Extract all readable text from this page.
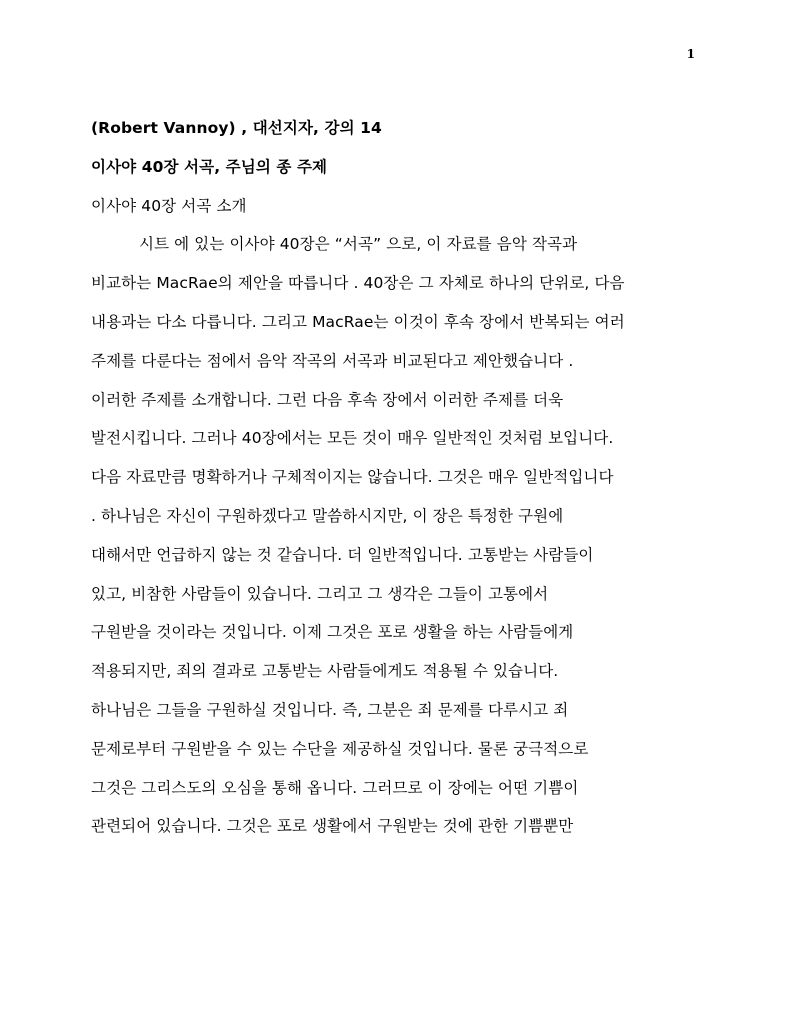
1
(Robert Vannoy) , 대선지자, 강의 14
이사야 40장 서곡, 주님의 종 주제
이사야 40장 서곡 소개
시트 에 있는 이사야 40장은 “서곡” 으로, 이 자료를 음악 작곡과
비교하는 MacRae의 제안을 따릅니다 . 40장은 그 자체로 하나의 단위로, 다음
내용과는 다소 다릅니다. 그리고 MacRae는 이것이 후속 장에서 반복되는 여러
주제를 다룬다는 점에서 음악 작곡의 서곡과 비교된다고 제안했습니다 .
이러한 주제를 소개합니다. 그런 다음 후속 장에서 이러한 주제를 더욱
발전시킵니다. 그러나 40장에서는 모든 것이 매우 일반적인 것처럼 보입니다.
다음 자료만큼 명확하거나 구체적이지는 않습니다. 그것은 매우 일반적입니다
. 하나님은 자신이 구원하겠다고 말씀하시지만, 이 장은 특정한 구원에
대해서만 언급하지 않는 것 같습니다. 더 일반적입니다. 고통받는 사람들이
있고, 비참한 사람들이 있습니다. 그리고 그 생각은 그들이 고통에서
구원받을 것이라는 것입니다. 이제 그것은 포로 생활을 하는 사람들에게
적용되지만, 죄의 결과로 고통받는 사람들에게도 적용될 수 있습니다.
하나님은 그들을 구원하실 것입니다. 즉, 그분은 죄 문제를 다루시고 죄
문제로부터 구원받을 수 있는 수단을 제공하실 것입니다. 물론 궁극적으로
그것은 그리스도의 오심을 통해 옵니다. 그러므로 이 장에는 어떤 기쁨이
관련되어 있습니다. 그것은 포로 생활에서 구원받는 것에 관한 기쁨뿐만
